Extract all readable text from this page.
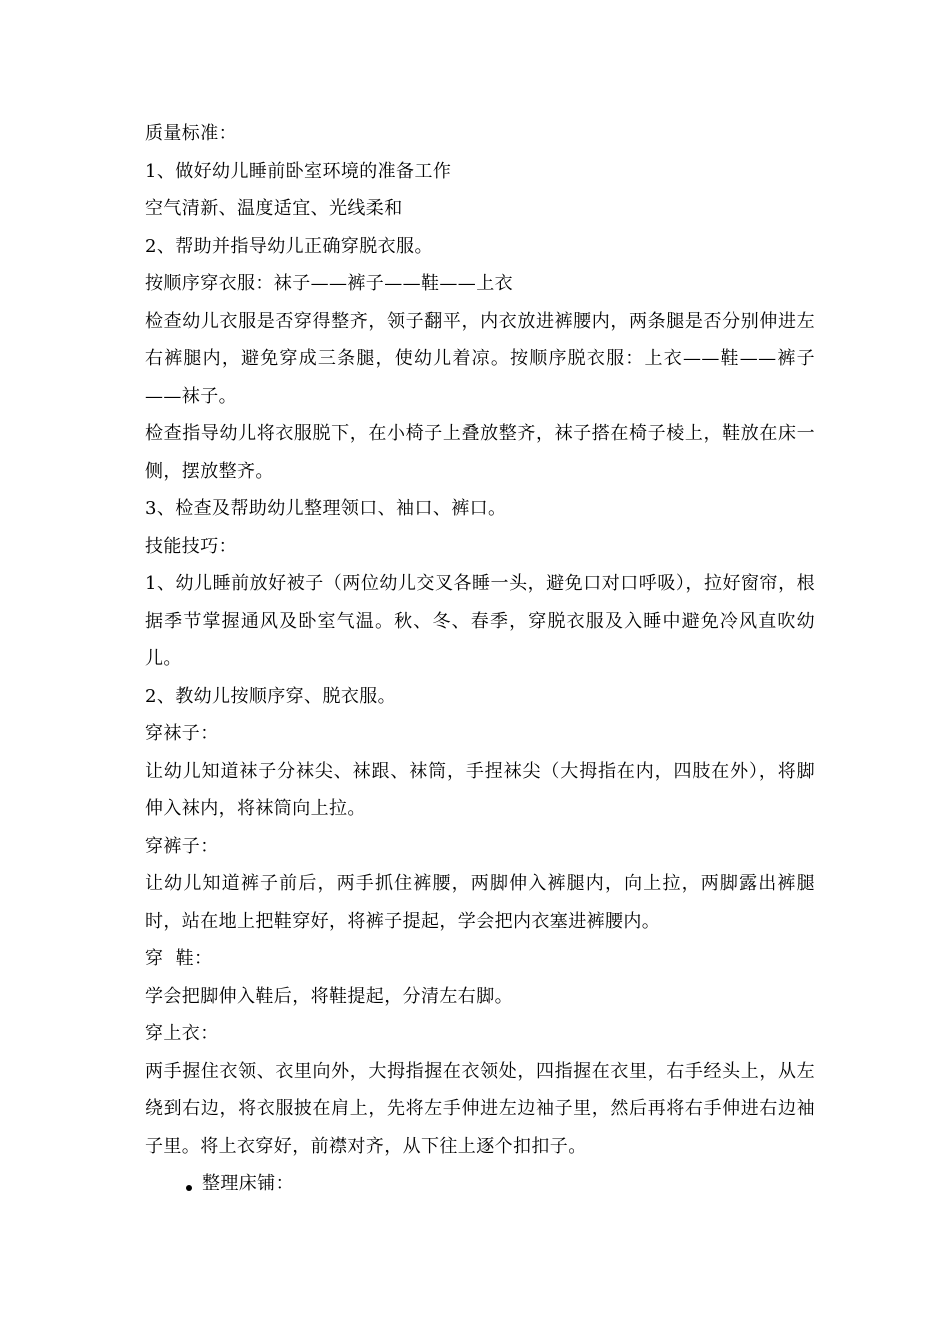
质量标准：
1、做好幼儿睡前卧室环境的准备工作
空气清新、温度适宜、光线柔和
2、帮助并指导幼儿正确穿脱衣服。
按顺序穿衣服：袜子——裤子——鞋——上衣
检查幼儿衣服是否穿得整齐，领子翻平，内衣放进裤腰内，两条腿是否分别伸进左右裤腿内，避免穿成三条腿，使幼儿着凉。按顺序脱衣服：上衣——鞋——裤子——袜子。
检查指导幼儿将衣服脱下，在小椅子上叠放整齐，袜子搭在椅子棱上，鞋放在床一侧，摆放整齐。
3、检查及帮助幼儿整理领口、袖口、裤口。
技能技巧：
1、幼儿睡前放好被子（两位幼儿交叉各睡一头，避免口对口呼吸），拉好窗帘，根据季节掌握通风及卧室气温。秋、冬、春季，穿脱衣服及入睡中避免冷风直吹幼儿。
2、教幼儿按顺序穿、脱衣服。
穿袜子：
让幼儿知道袜子分袜尖、袜跟、袜筒，手捏袜尖（大拇指在内，四肢在外），将脚伸入袜内，将袜筒向上拉。
穿裤子：
让幼儿知道裤子前后，两手抓住裤腰，两脚伸入裤腿内，向上拉，两脚露出裤腿时，站在地上把鞋穿好，将裤子提起，学会把内衣塞进裤腰内。
穿  鞋：
学会把脚伸入鞋后，将鞋提起，分清左右脚。
穿上衣：
两手握住衣领、衣里向外，大拇指握在衣领处，四指握在衣里，右手经头上，从左绕到右边，将衣服披在肩上，先将左手伸进左边袖子里，然后再将右手伸进右边袖子里。将上衣穿好，前襟对齐，从下往上逐个扣扣子。
整理床铺：
